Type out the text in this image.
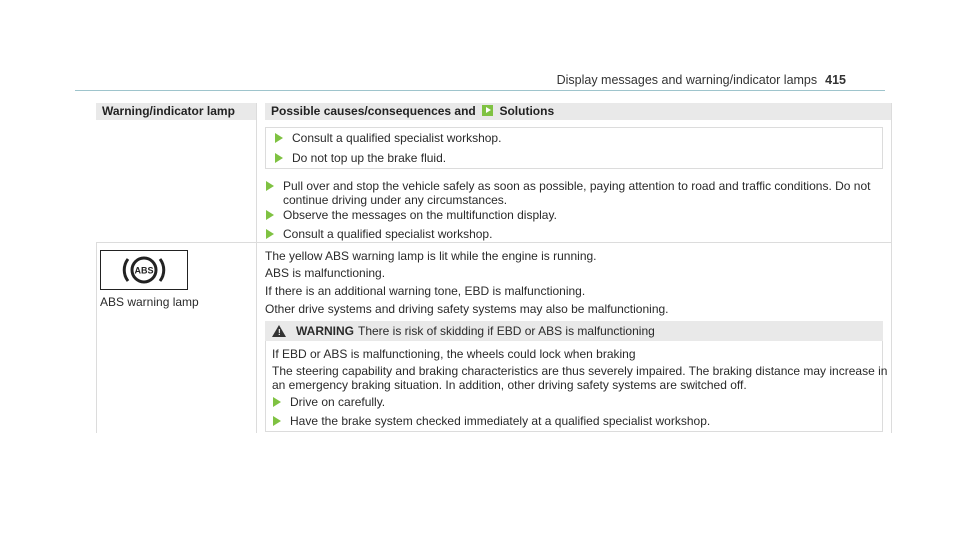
Display messages and warning/indicator lamps 415
Warning/indicator lamp	Possible causes/consequences and Solutions
Consult a qualified specialist workshop.
Do not top up the brake fluid.
Pull over and stop the vehicle safely as soon as possible, paying attention to road and traffic conditions. Do not
continue driving under any circumstances.
Observe the messages on the multifunction display.
Consult a qualified specialist workshop.
ABS
ABS warning lamp
The yellow ABS warning lamp is lit while the engine is running.
ABS is malfunctioning.
If there is an additional warning tone, EBD is malfunctioning.
Other drive systems and driving safety systems may also be malfunctioning.
! WARNING There is risk of skidding if EBD or ABS is malfunctioning
If EBD or ABS is malfunctioning, the wheels could lock when braking
The steering capability and braking characteristics are thus severely impaired. The braking distance may increase in
an emergency braking situation. In addition, other driving safety systems are switched off.
Drive on carefully.
Have the brake system checked immediately at a qualified specialist workshop.
